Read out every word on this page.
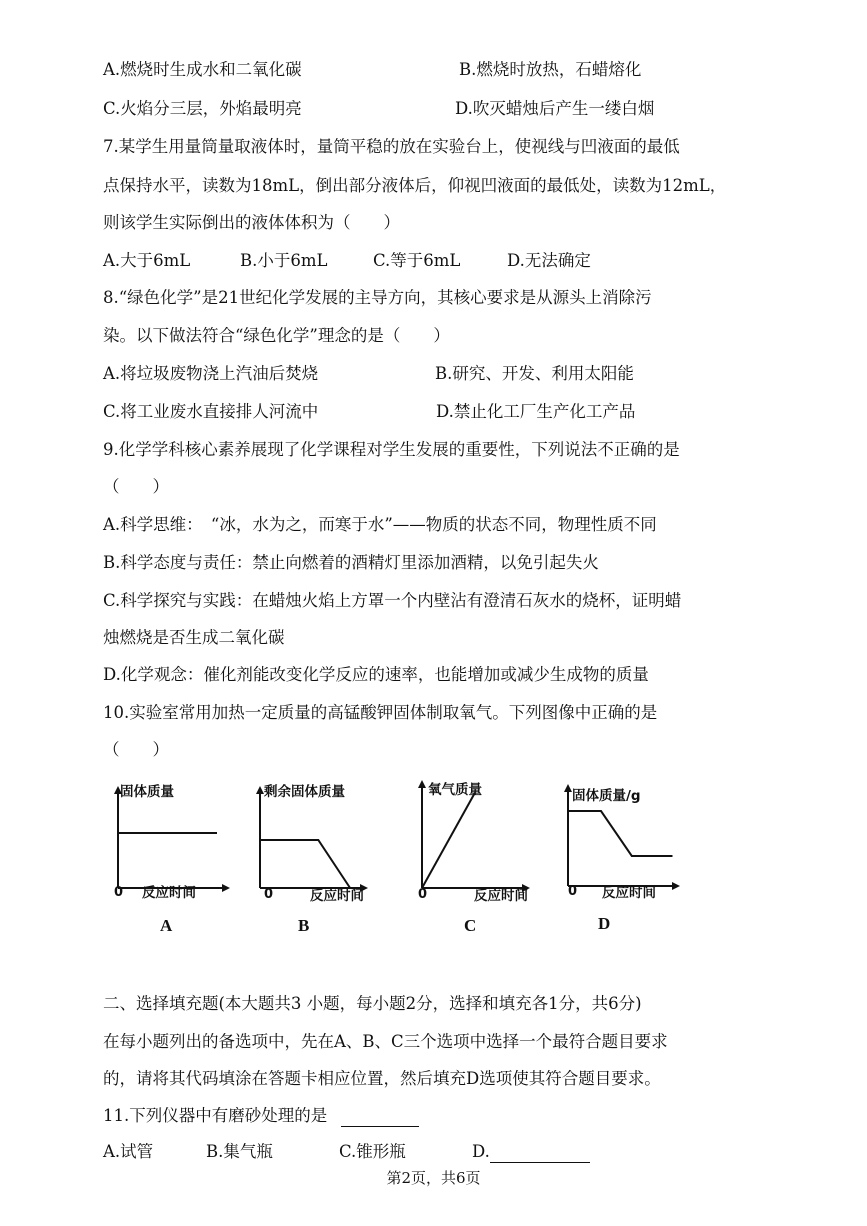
A.燃烧时生成水和二氧化碳	B.燃烧时放热，石蜡熔化
C.火焰分三层，外焰最明亮	D.吹灭蜡烛后产生一缕白烟
7.某学生用量筒量取液体时，量筒平稳的放在实验台上，使视线与凹液面的最低
点保持水平，读数为18mL，倒出部分液体后，仰视凹液面的最低处，读数为12mL，
则该学生实际倒出的液体体积为（　　）
A.大于6mL	B.小于6mL	C.等于6mL	D.无法确定
8.“绿色化学”是21世纪化学发展的主导方向，其核心要求是从源头上消除污
染。以下做法符合“绿色化学”理念的是（　　）
A.将垃圾废物浇上汽油后焚烧	B.研究、开发、利用太阳能
C.将工业废水直接排人河流中	D.禁止化工厂生产化工产品
9.化学学科核心素养展现了化学课程对学生发展的重要性，下列说法不正确的是
（　　）
A.科学思维：　“冰，水为之，而寒于水”——物质的状态不同，物理性质不同
B.科学态度与责任：禁止向燃着的酒精灯里添加酒精，以免引起失火
C.科学探究与实践：在蜡烛火焰上方罩一个内壁沾有澄清石灰水的烧杯，证明蜡
烛燃烧是否生成二氧化碳
D.化学观念：催化剂能改变化学反应的速率，也能增加或减少生成物的质量
10.实验室常用加热一定质量的高锰酸钾固体制取氧气。下列图像中正确的是
（　　）
固体质量
0 反应时间
A
剩余固体质量
0	反应时间
B
氧气质量
0	反应时间
C
固体质量/g
0 反应时间
D
二、选择填充题(本大题共3 小题，每小题2分，选择和填充各1分，共6分)
在每小题列出的备选项中，先在A、B、C三个选项中选择一个最符合题目要求
的，请将其代码填涂在答题卡相应位置，然后填充D选项使其符合题目要求。
11.下列仪器中有磨砂处理的是
A.试管	B.集气瓶	C.锥形瓶	D.
第2页，共6页
